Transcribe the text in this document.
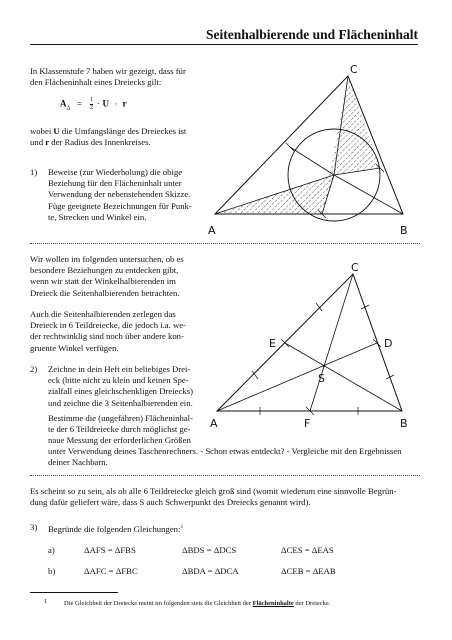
Seitenhalbierende und Flächeninhalt
In Klassenstufe 7 haben wir gezeigt, dass für
den Flächeninhalt eines Dreiecks gilt:
$A_\Delta = \frac{1}{2} \cdot U \cdot r$
wobei U die Umfangslänge des Dreieckes ist
und r der Radius des Innenkreises.
1) Beweise (zur Wiederholung) die obige
Beziehung für den Flächeninhalt unter
Verwendung der nebenstehenden Skizze.
Füge geeignete Bezeichnungen für Punk-
te, Strecken und Winkel ein.
A	B
C
Wir wollen im folgenden untersuchen, ob es
besondere Beziehungen zu entdecken gibt,
wenn wir statt der Winkelhalbierenden im
Dreieck die Seitenhalbierenden betrachten.
Auch die Seitenhalbierenden zerlegen das
Dreieck in 6 Teildreiecke, die jedoch i.a. we-
der rechtwinklig sind noch über andere kon-
gruente Winkel verfügen.
2) Zeichne in dein Heft ein beliebiges Drei-
eck (bitte nicht zu klein und keinen Spe-
zialfall eines gleichschenkligen Dreiecks)
und zeichne die 3 Seitenhalbierenden ein.
Bestimme die (ungefähren) Flächeninhal-
te der 6 Teildreiecke durch möglichst ge-
naue Messung der erforderlichen Größen
unter Verwendung deines Taschenrechners. - Schon etwas entdeckt? - Vergleiche mit den Ergebnissen
deiner Nachbarn.
A	B
C
D
E
F
S
Es scheint so zu sein, als ob alle 6 Teildreiecke gleich groß sind (womit wiederum eine sinnvolle Begrün-
dung dafür geliefert wäre, dass S auch Schwerpunkt des Dreiecks genannt wird).
3) Begründe die folgenden Gleichungen:$^1$
a)	ΔAFS = ΔFBS	ΔBDS = ΔDCS	ΔCES = ΔEAS
b)	ΔAFC = ΔFBC	ΔBDA = ΔDCA	ΔCEB = ΔEAB
1	Die Gleichheit der Dreiecke meint im folgenden stets die Gleichheit der Flächeninhalte der Dreiecke.
